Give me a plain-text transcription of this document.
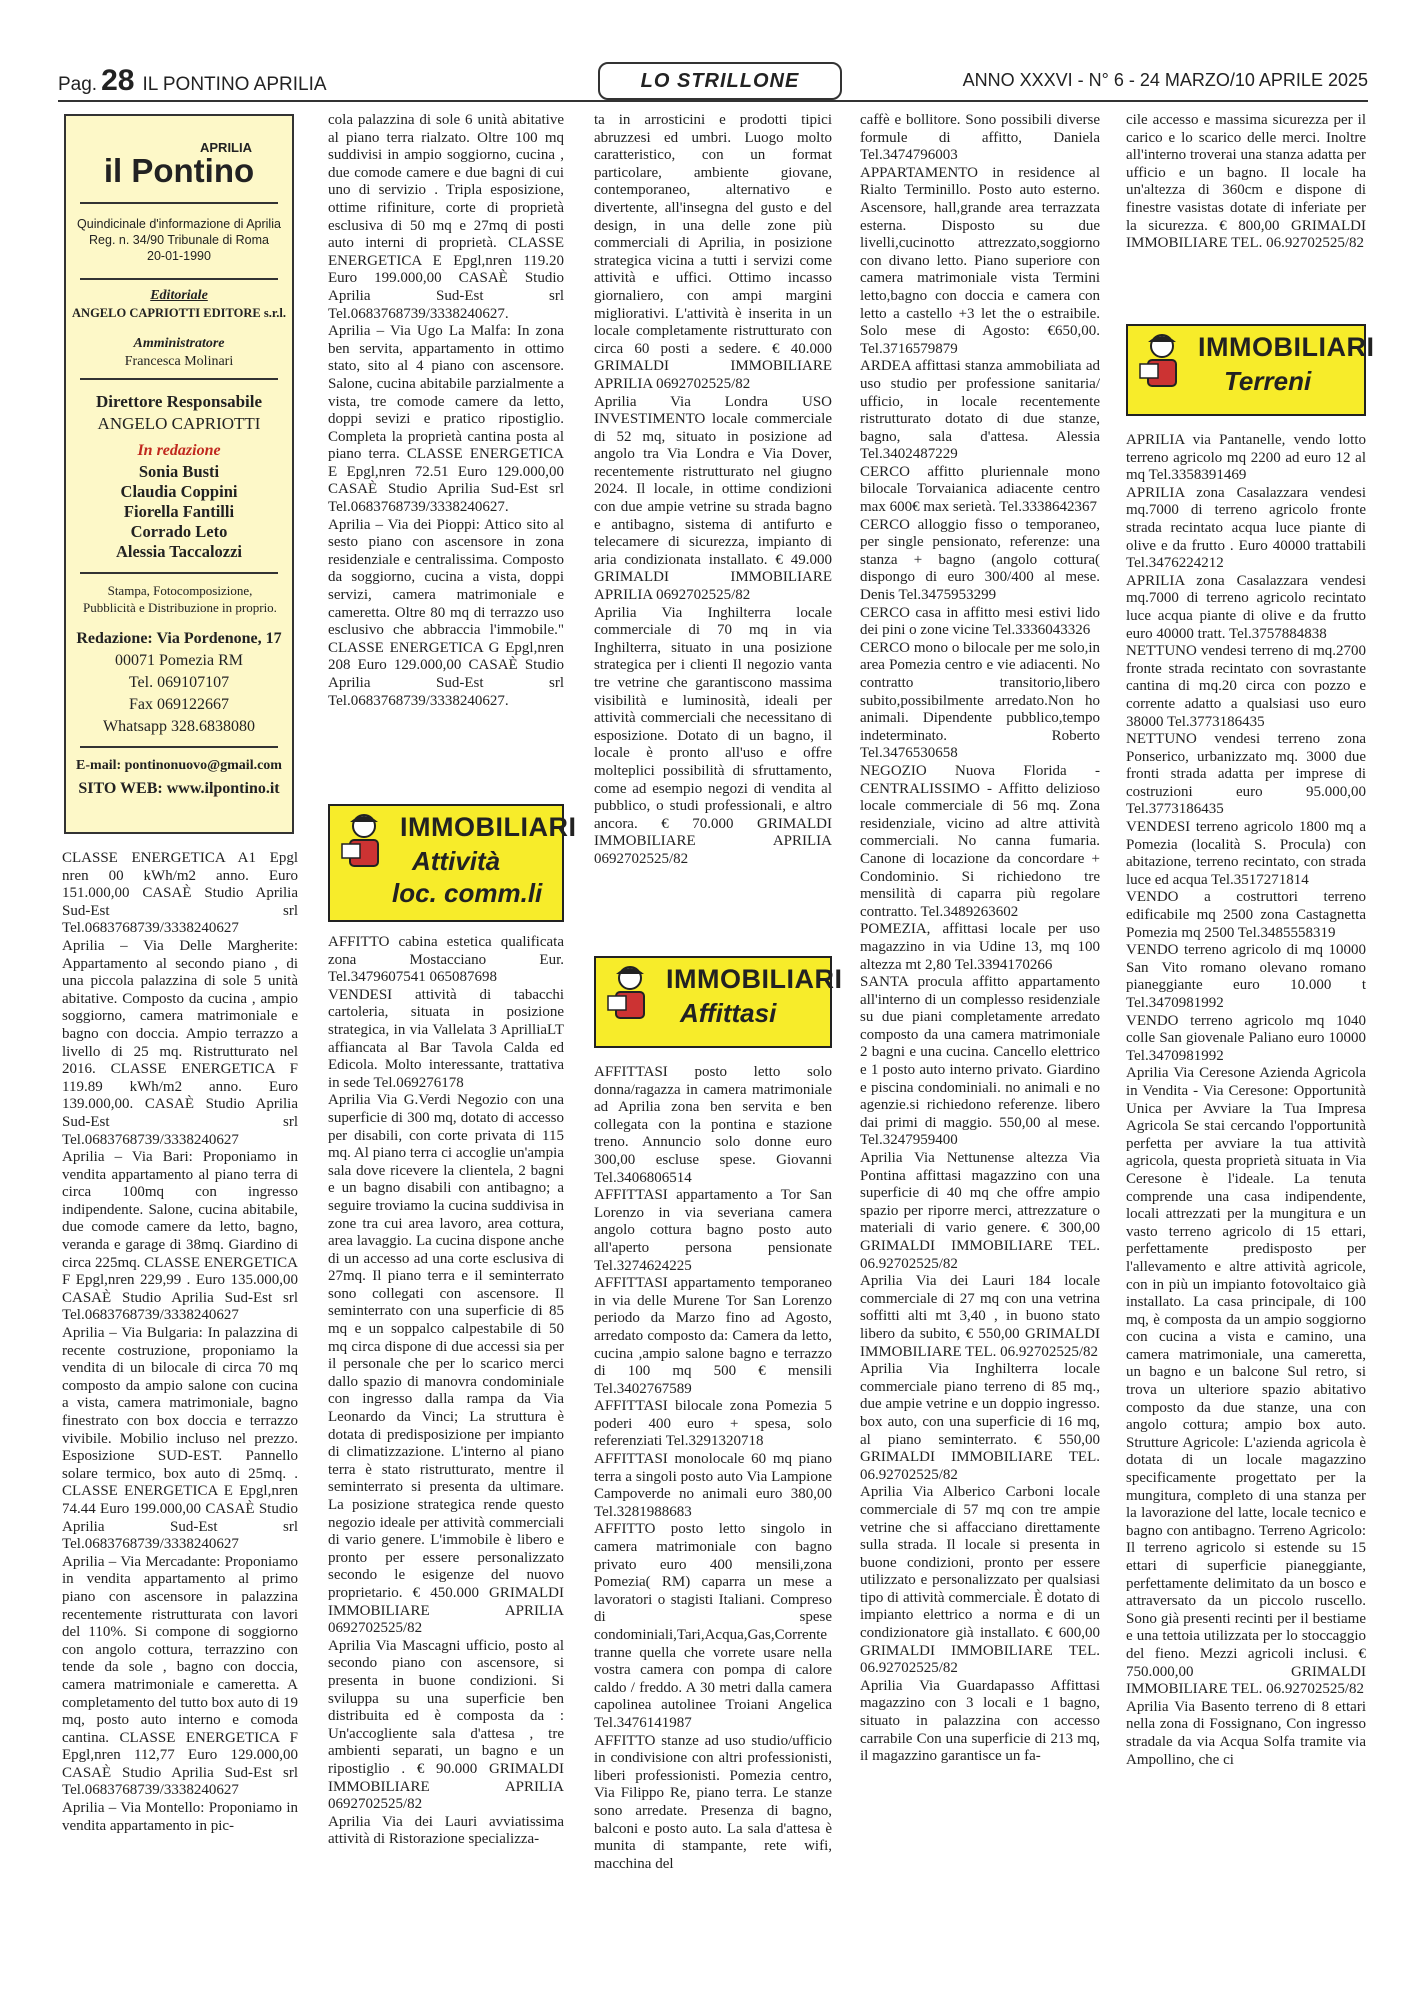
Pag. 28 IL PONTINO APRILIA	LO STRILLONE	ANNO XXXVI - N° 6 - 24 MARZO/10 APRILE 2025
APRILIA
il Pontino
Quindicinale d'informazione di Aprilia
Reg. n. 34/90 Tribunale di Roma
20-01-1990
Editoriale
ANGELO CAPRIOTTI EDITORE s.r.l.
Amministratore
Francesca Molinari
Direttore Responsabile
ANGELO CAPRIOTTI
In redazione
Sonia Busti
Claudia Coppini
Fiorella Fantilli
Corrado Leto
Alessia Taccalozzi
Stampa, Fotocomposizione, Pubblicità e Distribuzione in proprio.
Redazione: Via Pordenone, 17
00071 Pomezia RM
Tel. 069107107
Fax 069122667
Whatsapp 328.6838080
E-mail: pontinonuovo@gmail.com
SITO WEB: www.ilpontino.it

CLASSE ENERGETICA A1 Epgl nren 00 kWh/m2 anno. Euro 151.000,00 CASAÈ Studio Aprilia Sud-Est srl Tel.0683768739/3338240627

Aprilia – Via Delle Margherite: Appartamento al secondo piano , di una piccola palazzina di sole 5 unità abitative. Composto da cucina , ampio soggiorno, camera matrimoniale e bagno con doccia. Ampio terrazzo a livello di 25 mq. Ristrutturato nel 2016. CLASSE ENERGETICA F 119.89 kWh/m2 anno. Euro 139.000,00. CASAÈ Studio Aprilia Sud-Est srl Tel.0683768739/3338240627

Aprilia – Via Bari: Proponiamo in vendita appartamento al piano terra di circa 100mq con ingresso indipendente. Salone, cucina abitabile, due comode camere da letto, bagno, veranda e garage di 38mq. Giardino di circa 225mq. CLASSE ENERGETICA F Epgl,nren 229,99 . Euro 135.000,00 CASAÈ Studio Aprilia Sud-Est srl Tel.0683768739/3338240627

Aprilia – Via Bulgaria: In palazzina di recente costruzione, proponiamo la vendita di un bilocale di circa 70 mq composto da ampio salone con cucina a vista, camera matrimoniale, bagno finestrato con box doccia e terrazzo vivibile. Mobilio incluso nel prezzo. Esposizione SUD-EST. Pannello solare termico, box auto di 25mq. . CLASSE ENERGETICA E Epgl,nren 74.44 Euro 199.000,00 CASAÈ Studio Aprilia Sud-Est srl Tel.0683768739/3338240627

Aprilia – Via Mercadante: Proponiamo in vendita appartamento al primo piano con ascensore in palazzina recentemente ristrutturata con lavori del 110%. Si compone di soggiorno con angolo cottura, terrazzino con tende da sole , bagno con doccia, camera matrimoniale e cameretta. A completamento del tutto box auto di 19 mq, posto auto interno e comoda cantina. CLASSE ENERGETICA F Epgl,nren 112,77 Euro 129.000,00 CASAÈ Studio Aprilia Sud-Est srl Tel.0683768739/3338240627

Aprilia – Via Montello: Proponiamo in vendita appartamento in pic-

cola palazzina di sole 6 unità abitative al piano terra rialzato. Oltre 100 mq suddivisi in ampio soggiorno, cucina , due comode camere e due bagni di cui uno di servizio . Tripla esposizione, ottime rifiniture, corte di proprietà esclusiva di 50 mq e 27mq di posti auto interni di proprietà. CLASSE ENERGETICA E Epgl,nren 119.20 Euro 199.000,00 CASAÈ Studio Aprilia Sud-Est srl Tel.0683768739/3338240627.

Aprilia – Via Ugo La Malfa: In zona ben servita, appartamento in ottimo stato, sito al 4 piano con ascensore. Salone, cucina abitabile parzialmente a vista, tre comode camere da letto, doppi sevizi e pratico ripostiglio. Completa la proprietà cantina posta al piano terra. CLASSE ENERGETICA E Epgl,nren 72.51 Euro 129.000,00 CASAÈ Studio Aprilia Sud-Est srl Tel.0683768739/3338240627.

Aprilia – Via dei Pioppi: Attico sito al sesto piano con ascensore in zona residenziale e centralissima. Composto da soggiorno, cucina a vista, doppi servizi, camera matrimoniale e cameretta. Oltre 80 mq di terrazzo uso esclusivo che abbraccia l'immobile." CLASSE ENERGETICA G Epgl,nren 208 Euro 129.000,00 CASAÈ Studio Aprilia Sud-Est srl Tel.0683768739/3338240627.

IMMOBILIARI
Attività
loc. comm.li

AFFITTO cabina estetica qualificata zona Mostacciano Eur. Tel.3479607541 065087698

VENDESI attività di tabacchi cartoleria, situata in posizione strategica, in via Vallelata 3 AprilliaLT affiancata al Bar Tavola Calda ed Edicola. Molto interessante, trattativa in sede Tel.069276178

Aprilia Via G.Verdi Negozio con una superficie di 300 mq, dotato di accesso per disabili, con corte privata di 115 mq. Al piano terra ci accoglie un'ampia sala dove ricevere la clientela, 2 bagni e un bagno disabili con antibagno; a seguire troviamo la cucina suddivisa in zone tra cui area lavoro, area cottura, area lavaggio. La cucina dispone anche di un accesso ad una corte esclusiva di 27mq. Il piano terra e il seminterrato sono collegati con ascensore. Il seminterrato con una superficie di 85 mq e un soppalco calpestabile di 50 mq circa dispone di due accessi sia per il personale che per lo scarico merci dallo spazio di manovra condominiale con ingresso dalla rampa da Via Leonardo da Vinci; La struttura è dotata di predisposizione per impianto di climatizzazione. L'interno al piano terra è stato ristrutturato, mentre il seminterrato si presenta da ultimare. La posizione strategica rende questo negozio ideale per attività commerciali di vario genere. L'immobile è libero e pronto per essere personalizzato secondo le esigenze del nuovo proprietario. € 450.000 GRIMALDI IMMOBILIARE APRILIA 0692702525/82

Aprilia Via Mascagni ufficio, posto al secondo piano con ascensore, si presenta in buone condizioni. Si sviluppa su una superficie ben distribuita ed è composta da : Un'accogliente sala d'attesa , tre ambienti separati, un bagno e un ripostiglio . € 90.000 GRIMALDI IMMOBILIARE APRILIA 0692702525/82

Aprilia Via dei Lauri avviatissima attività di Ristorazione specializza-

ta in arrosticini e prodotti tipici abruzzesi ed umbri. Luogo molto caratteristico, con un format particolare, ambiente giovane, contemporaneo, alternativo e divertente, all'insegna del gusto e del design, in una delle zone più commerciali di Aprilia, in posizione strategica vicina a tutti i servizi come attività e uffici. Ottimo incasso giornaliero, con ampi margini migliorativi. L'attività è inserita in un locale completamente ristrutturato con circa 60 posti a sedere. € 40.000 GRIMALDI IMMOBILIARE APRILIA 0692702525/82

Aprilia Via Londra USO INVESTIMENTO locale commerciale di 52 mq, situato in posizione ad angolo tra Via Londra e Via Dover, recentemente ristrutturato nel giugno 2024. Il locale, in ottime condizioni con due ampie vetrine su strada bagno e antibagno, sistema di antifurto e telecamere di sicurezza, impianto di aria condizionata installato. € 49.000 GRIMALDI IMMOBILIARE APRILIA 0692702525/82

Aprilia Via Inghilterra locale commerciale di 70 mq in via Inghilterra, situato in una posizione strategica per i clienti Il negozio vanta tre vetrine che garantiscono massima visibilità e luminosità, ideali per attività commerciali che necessitano di esposizione. Dotato di un bagno, il locale è pronto all'uso e offre molteplici possibilità di sfruttamento, come ad esempio negozi di vendita al pubblico, o studi professionali, e altro ancora. € 70.000 GRIMALDI IMMOBILIARE APRILIA 0692702525/82

IMMOBILIARI
Affittasi

AFFITTASI posto letto solo donna/ragazza in camera matrimoniale ad Aprilia zona ben servita e ben collegata con la pontina e stazione treno. Annuncio solo donne euro 300,00 escluse spese. Giovanni Tel.3406806514

AFFITTASI appartamento a Tor San Lorenzo in via severiana camera angolo cottura bagno posto auto all'aperto persona pensionate Tel.3274624225

AFFITTASI appartamento temporaneo in via delle Murene Tor San Lorenzo periodo da Marzo fino ad Agosto, arredato composto da: Camera da letto, cucina ,ampio salone bagno e terrazzo di 100 mq 500 € mensili Tel.3402767589

AFFITTASI bilocale zona Pomezia 5 poderi 400 euro + spesa, solo referenziati Tel.3291320718

AFFITTASI monolocale 60 mq piano terra a singoli posto auto Via Lampione Campoverde no animali euro 380,00 Tel.3281988683

AFFITTO posto letto singolo in camera matrimoniale con bagno privato euro 400 mensili,zona Pomezia( RM) caparra un mese a lavoratori o stagisti Italiani. Compreso di spese condominiali,Tari,Acqua,Gas,Corrente tranne quella che vorrete usare nella vostra camera con pompa di calore caldo / freddo. A 30 metri dalla camera capolinea autolinee Troiani Angelica Tel.3476141987

AFFITTO stanze ad uso studio/ufficio in condivisione con altri professionisti, liberi professionisti. Pomezia centro, Via Filippo Re, piano terra. Le stanze sono arredate. Presenza di bagno, balconi e posto auto. La sala d'attesa è munita di stampante, rete wifi, macchina del

caffè e bollitore. Sono possibili diverse formule di affitto, Daniela Tel.3474796003

APPARTAMENTO in residence al Rialto Terminillo. Posto auto esterno. Ascensore, hall,grande area terrazzata esterna. Disposto su due livelli,cucinotto attrezzato,soggiorno con divano letto. Piano superiore con camera matrimoniale vista Termini letto,bagno con doccia e camera con letto a castello +3 let the o estraibile. Solo mese di Agosto: €650,00. Tel.3716579879

ARDEA affittasi stanza ammobiliata ad uso studio per professione sanitaria/ ufficio, in locale recentemente ristrutturato dotato di due stanze, bagno, sala d'attesa. Alessia Tel.3402487229

CERCO affitto pluriennale mono bilocale Torvaianica adiacente centro max 600€ max serietà. Tel.3338642367

CERCO alloggio fisso o temporaneo, per single pensionato, referenze: una stanza + bagno (angolo cottura( dispongo di euro 300/400 al mese. Denis Tel.3475953299

CERCO casa in affitto mesi estivi lido dei pini o zone vicine Tel.3336043326

CERCO mono o bilocale per me solo,in area Pomezia centro e vie adiacenti. No contratto transitorio,libero subito,possibilmente arredato.Non ho animali. Dipendente pubblico,tempo indeterminato. Roberto Tel.3476530658

NEGOZIO Nuova Florida - CENTRALISSIMO - Affitto delizioso locale commerciale di 56 mq. Zona residenziale, vicino ad altre attività commerciali. No canna fumaria. Canone di locazione da concordare + Condominio. Si richiedono tre mensilità di caparra più regolare contratto. Tel.3489263602

POMEZIA, affittasi locale per uso magazzino in via Udine 13, mq 100 altezza mt 2,80 Tel.3394170266

SANTA procula affitto appartamento all'interno di un complesso residenziale su due piani completamente arredato composto da una camera matrimoniale 2 bagni e una cucina. Cancello elettrico e 1 posto auto interno privato. Giardino e piscina condominiali. no animali e no agenzie.si richiedono referenze. libero dai primi di maggio. 550,00 al mese. Tel.3247959400

Aprilia Via Nettunense altezza Via Pontina affittasi magazzino con una superficie di 40 mq che offre ampio spazio per riporre merci, attrezzature o materiali di vario genere. € 300,00 GRIMALDI IMMOBILIARE TEL. 06.92702525/82

Aprilia Via dei Lauri 184 locale commerciale di 27 mq con una vetrina soffitti alti mt 3,40 , in buono stato libero da subito, € 550,00 GRIMALDI IMMOBILIARE TEL. 06.92702525/82

Aprilia Via Inghilterra locale commerciale piano terreno di 85 mq., due ampie vetrine e un doppio ingresso. box auto, con una superficie di 16 mq, al piano seminterrato. € 550,00 GRIMALDI IMMOBILIARE TEL. 06.92702525/82

Aprilia Via Alberico Carboni locale commerciale di 57 mq con tre ampie vetrine che si affacciano direttamente sulla strada. Il locale si presenta in buone condizioni, pronto per essere utilizzato e personalizzato per qualsiasi tipo di attività commerciale. È dotato di impianto elettrico a norma e di un condizionatore già installato. € 600,00 GRIMALDI IMMOBILIARE TEL. 06.92702525/82

Aprilia Via Guardapasso Affittasi magazzino con 3 locali e 1 bagno, situato in palazzina con accesso carrabile Con una superficie di 213 mq, il magazzino garantisce un fa-

cile accesso e massima sicurezza per il carico e lo scarico delle merci. Inoltre all'interno troverai una stanza adatta per ufficio e un bagno. Il locale ha un'altezza di 360cm e dispone di finestre vasistas dotate di inferiate per la sicurezza. € 800,00 GRIMALDI IMMOBILIARE TEL. 06.92702525/82

IMMOBILIARI
Terreni

APRILIA via Pantanelle, vendo lotto terreno agricolo mq 2200 ad euro 12 al mq Tel.3358391469

APRILIA zona Casalazzara vendesi mq.7000 di terreno agricolo fronte strada recintato acqua luce piante di olive e da frutto . Euro 40000 trattabili Tel.3476224212

APRILIA zona Casalazzara vendesi mq.7000 di terreno agricolo recintato luce acqua piante di olive e da frutto euro 40000 tratt. Tel.3757884838

NETTUNO vendesi terreno di mq.2700 fronte strada recintato con sovrastante cantina di mq.20 circa con pozzo e corrente adatto a qualsiasi uso euro 38000 Tel.3773186435

NETTUNO vendesi terreno zona Ponserico, urbanizzato mq. 3000 due fronti strada adatta per imprese di costruzioni euro 95.000,00 Tel.3773186435

VENDESI terreno agricolo 1800 mq a Pomezia (località S. Procula) con abitazione, terreno recintato, con strada luce ed acqua Tel.3517271814

VENDO a costruttori terreno edificabile mq 2500 zona Castagnetta Pomezia mq 2500 Tel.3485558319

VENDO terreno agricolo di mq 10000 San Vito romano olevano romano pianeggiante euro 10.000 t Tel.3470981992

VENDO terreno agricolo mq 1040 colle San giovenale Paliano euro 10000 Tel.3470981992

Aprilia Via Ceresone Azienda Agricola in Vendita - Via Ceresone: Opportunità Unica per Avviare la Tua Impresa Agricola Se stai cercando l'opportunità perfetta per avviare la tua attività agricola, questa proprietà situata in Via Ceresone è l'ideale. La tenuta comprende una casa indipendente, locali attrezzati per la mungitura e un vasto terreno agricolo di 15 ettari, perfettamente predisposto per l'allevamento e altre attività agricole, con in più un impianto fotovoltaico già installato. La casa principale, di 100 mq, è composta da un ampio soggiorno con cucina a vista e camino, una camera matrimoniale, una cameretta, un bagno e un balcone Sul retro, si trova un ulteriore spazio abitativo composto da due stanze, una con angolo cottura; ampio box auto. Strutture Agricole: L'azienda agricola è dotata di un locale magazzino specificamente progettato per la mungitura, completo di una stanza per la lavorazione del latte, locale tecnico e bagno con antibagno. Terreno Agricolo: Il terreno agricolo si estende su 15 ettari di superficie pianeggiante, perfettamente delimitato da un bosco e attraversato da un piccolo ruscello. Sono già presenti recinti per il bestiame e una tettoia utilizzata per lo stoccaggio del fieno. Mezzi agricoli inclusi. € 750.000,00 GRIMALDI IMMOBILIARE TEL. 06.92702525/82

Aprilia Via Basento terreno di 8 ettari nella zona di Fossignano, Con ingresso stradale da via Acqua Solfa tramite via Ampollino, che ci
